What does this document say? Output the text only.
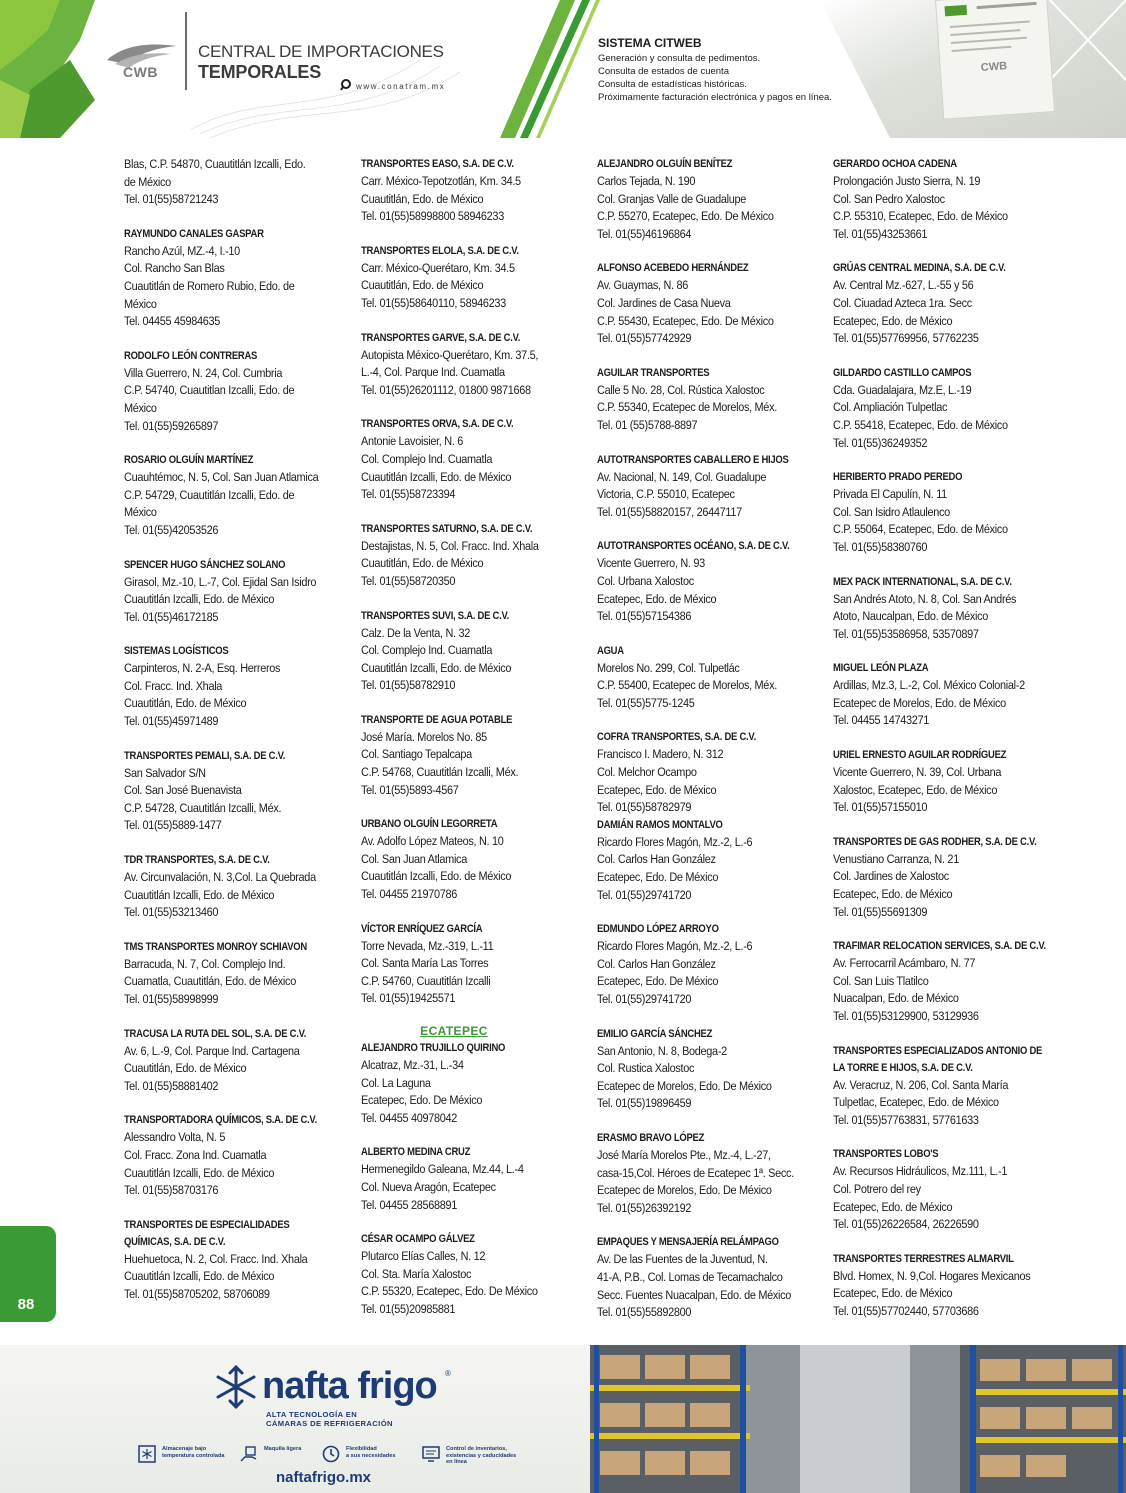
CWB
CENTRAL DE IMPORTACIONES
TEMPORALES
www.conatram.mx
SISTEMA CITWEB
Generación y consulta de pedimentos.
Consulta de estados de cuenta
Consulta de estadísticas históricas.
Próximamente facturación electrónica y pagos en línea.
CWB
Blas, C.P. 54870, Cuautitlán Izcalli, Edo.
de México
Tel. 01(55)58721243
RAYMUNDO CANALES GASPAR
Rancho Azúl, MZ.-4, I.-10
Col. Rancho San Blas
Cuautitlán de Romero Rubio, Edo. de
México
Tel. 04455 45984635
RODOLFO LEÓN CONTRERAS
Villa Guerrero, N. 24, Col. Cumbria
C.P. 54740, Cuautitlan Izcalli, Edo. de
México
Tel. 01(55)59265897
ROSARIO OLGUÍN MARTÍNEZ
Cuauhtémoc, N. 5, Col. San Juan Atlamica
C.P. 54729, Cuautitlán Izcalli, Edo. de
México
Tel. 01(55)42053526
SPENCER HUGO SÁNCHEZ SOLANO
Girasol, Mz.-10, L.-7, Col. Ejidal San Isidro
Cuautitlán Izcalli, Edo. de México
Tel. 01(55)46172185
SISTEMAS LOGÍSTICOS
Carpinteros, N. 2-A, Esq. Herreros
Col. Fracc. Ind. Xhala
Cuautitlán, Edo. de México
Tel. 01(55)45971489
TRANSPORTES PEMALI, S.A. DE C.V.
San Salvador S/N
Col. San José Buenavista
C.P. 54728, Cuautitlán Izcalli, Méx.
Tel. 01(55)5889-1477
TDR TRANSPORTES, S.A. DE C.V.
Av. Circunvalación, N. 3,Col. La Quebrada
Cuautitlán Izcalli, Edo. de México
Tel. 01(55)53213460
TMS TRANSPORTES MONROY SCHIAVON
Barracuda, N. 7, Col. Complejo Ind.
Cuamatla, Cuautitlán, Edo. de México
Tel. 01(55)58998999
TRACUSA LA RUTA DEL SOL, S.A. DE C.V.
Av. 6, L.-9, Col. Parque Ind. Cartagena
Cuautitlán, Edo. de México
Tel. 01(55)58881402
TRANSPORTADORA QUÍMICOS, S.A. DE C.V.
Alessandro Volta, N. 5
Col. Fracc. Zona Ind. Cuamatla
Cuautitlán Izcalli, Edo. de México
Tel. 01(55)58703176
TRANSPORTES DE ESPECIALIDADES QUÍMICAS, S.A. DE C.V.
Huehuetoca, N. 2, Col. Fracc. Ind. Xhala
Cuautitlán Izcalli, Edo. de México
Tel. 01(55)58705202, 58706089
TRANSPORTES EASO, S.A. DE C.V.
Carr. México-Tepotzotlán, Km. 34.5
Cuautitlán, Edo. de México
Tel. 01(55)58998800 58946233
TRANSPORTES ELOLA, S.A. DE C.V.
Carr. México-Querétaro, Km. 34.5
Cuautitlán, Edo. de México
Tel. 01(55)58640110, 58946233
TRANSPORTES GARVE, S.A. DE C.V.
Autopista México-Querétaro, Km. 37.5,
L.-4, Col. Parque Ind. Cuamatla
Tel. 01(55)26201112, 01800 9871668
TRANSPORTES ORVA, S.A. DE C.V.
Antonie Lavoisier, N. 6
Col. Complejo Ind. Cuamatla
Cuautitlán Izcalli, Edo. de México
Tel. 01(55)58723394
TRANSPORTES SATURNO, S.A. DE C.V.
Destajistas, N. 5, Col. Fracc. Ind. Xhala
Cuautitlán, Edo. de México
Tel. 01(55)58720350
TRANSPORTES SUVI, S.A. DE C.V.
Calz. De la Venta, N. 32
Col. Complejo Ind. Cuamatla
Cuautitlán Izcalli, Edo. de México
Tel. 01(55)58782910
TRANSPORTE DE AGUA POTABLE
José María. Morelos No. 85
Col. Santiago Tepalcapa
C.P. 54768, Cuautitlán Izcalli, Méx.
Tel. 01(55)5893-4567
URBANO OLGUÍN LEGORRETA
Av. Adolfo López Mateos, N. 10
Col. San Juan Atlamica
Cuautitlán Izcalli, Edo. de México
Tel. 04455 21970786
VÍCTOR ENRÍQUEZ GARCÍA
Torre Nevada, Mz.-319, L.-11
Col. Santa María Las Torres
C.P. 54760, Cuautitlán Izcalli
Tel. 01(55)19425571
ECATEPEC
ALEJANDRO TRUJILLO QUIRINO
Alcatraz, Mz.-31, L.-34
Col. La Laguna
Ecatepec, Edo. De México
Tel. 04455 40978042
ALBERTO MEDINA CRUZ
Hermenegildo Galeana, Mz.44, L.-4
Col. Nueva Aragón, Ecatepec
Tel. 04455 28568891
CÉSAR OCAMPO GÁLVEZ
Plutarco Elías Calles, N. 12
Col. Sta. María Xalostoc
C.P. 55320, Ecatepec, Edo. De México
Tel. 01(55)20985881
ALEJANDRO OLGUÍN BENÍTEZ
Carlos Tejada, N. 190
Col. Granjas Valle de Guadalupe
C.P. 55270, Ecatepec, Edo. De México
Tel. 01(55)46196864
ALFONSO ACEBEDO HERNÁNDEZ
Av. Guaymas, N. 86
Col. Jardines de Casa Nueva
C.P. 55430, Ecatepec, Edo. De México
Tel. 01(55)57742929
AGUILAR TRANSPORTES
Calle 5 No. 28, Col. Rústica Xalostoc
C.P. 55340, Ecatepec de Morelos, Méx.
Tel. 01 (55)5788-8897
AUTOTRANSPORTES CABALLERO E HIJOS
Av. Nacional, N. 149, Col. Guadalupe
Victoria, C.P. 55010, Ecatepec
Tel. 01(55)58820157, 26447117
AUTOTRANSPORTES OCÉANO, S.A. DE C.V.
Vicente Guerrero, N. 93
Col. Urbana Xalostoc
Ecatepec, Edo. de México
Tel. 01(55)57154386
AGUA
Morelos No. 299, Col. Tulpetlác
C.P. 55400, Ecatepec de Morelos, Méx.
Tel. 01(55)5775-1245
COFRA TRANSPORTES, S.A. DE C.V.
Francisco I. Madero, N. 312
Col. Melchor Ocampo
Ecatepec, Edo. de México
Tel. 01(55)58782979
DAMIÁN RAMOS MONTALVO
Ricardo Flores Magón, Mz.-2, L.-6
Col. Carlos Han González
Ecatepec, Edo. De México
Tel. 01(55)29741720
EDMUNDO LÓPEZ ARROYO
Ricardo Flores Magón, Mz.-2, L.-6
Col. Carlos Han González
Ecatepec, Edo. De México
Tel. 01(55)29741720
EMILIO GARCÍA SÁNCHEZ
San Antonio, N. 8, Bodega-2
Col. Rustica Xalostoc
Ecatepec de Morelos, Edo. De México
Tel. 01(55)19896459
ERASMO BRAVO LÓPEZ
José María Morelos Pte., Mz.-4, L.-27,
casa-15,Col. Héroes de Ecatepec 1ª. Secc.
Ecatepec de Morelos, Edo. De México
Tel. 01(55)26392192
EMPAQUES Y MENSAJERÍA RELÁMPAGO
Av. De las Fuentes de la Juventud, N.
41-A, P.B., Col. Lomas de Tecamachalco
Secc. Fuentes Nuacalpan, Edo. de México
Tel. 01(55)55892800
GERARDO OCHOA CADENA
Prolongación Justo Sierra, N. 19
Col. San Pedro Xalostoc
C.P. 55310, Ecatepec, Edo. de México
Tel. 01(55)43253661
GRÚAS CENTRAL MEDINA, S.A. DE C.V.
Av. Central Mz.-627, L.-55 y 56
Col. Ciuadad Azteca 1ra. Secc
Ecatepec, Edo. de México
Tel. 01(55)57769956, 57762235
GILDARDO CASTILLO CAMPOS
Cda. Guadalajara, Mz.E, L.-19
Col. Ampliación Tulpetlac
C.P. 55418, Ecatepec, Edo. de México
Tel. 01(55)36249352
HERIBERTO PRADO PEREDO
Privada El Capulín, N. 11
Col. San Isidro Atlaulenco
C.P. 55064, Ecatepec, Edo. de México
Tel. 01(55)58380760
MEX PACK INTERNATIONAL, S.A. DE C.V.
San Andrés Atoto, N. 8, Col. San Andrés
Atoto, Naucalpan, Edo. de México
Tel. 01(55)53586958, 53570897
MIGUEL LEÓN PLAZA
Ardillas, Mz.3, L.-2, Col. México Colonial-2
Ecatepec de Morelos, Edo. de México
Tel. 04455 14743271
URIEL ERNESTO AGUILAR RODRÍGUEZ
Vicente Guerrero, N. 39, Col. Urbana
Xalostoc, Ecatepec, Edo. de México
Tel. 01(55)57155010
TRANSPORTES DE GAS RODHER, S.A. DE C.V.
Venustiano Carranza, N. 21
Col. Jardines de Xalostoc
Ecatepec, Edo. de México
Tel. 01(55)55691309
TRAFIMAR RELOCATION SERVICES, S.A. DE C.V.
Av. Ferrocarril Acámbaro, N. 77
Col. San Luis Tlatilco
Nuacalpan, Edo. de México
Tel. 01(55)53129900, 53129936
TRANSPORTES ESPECIALIZADOS ANTONIO DE LA TORRE E HIJOS, S.A. DE C.V.
Av. Veracruz, N. 206, Col. Santa María
Tulpetlac, Ecatepec, Edo. de México
Tel. 01(55)57763831, 57761633
TRANSPORTES LOBO'S
Av. Recursos Hidráulicos, Mz.111, L.-1
Col. Potrero del rey
Ecatepec, Edo. de México
Tel. 01(55)26226584, 26226590
TRANSPORTES TERRESTRES ALMARVIL
Blvd. Homex, N. 9,Col. Hogares Mexicanos
Ecatepec, Edo. de México
Tel. 01(55)57702440, 57703686
88
nafta frigo ®
ALTA TECNOLOGÍA EN
CÁMARAS DE REFRIGERACIÓN
Almacenaje bajo
temperatura controlada
Maquila ligera	Flexibilidad
a sus necesidades
Control de inventarios,
existencias y caducidades
en línea
naftafrigo.mx
